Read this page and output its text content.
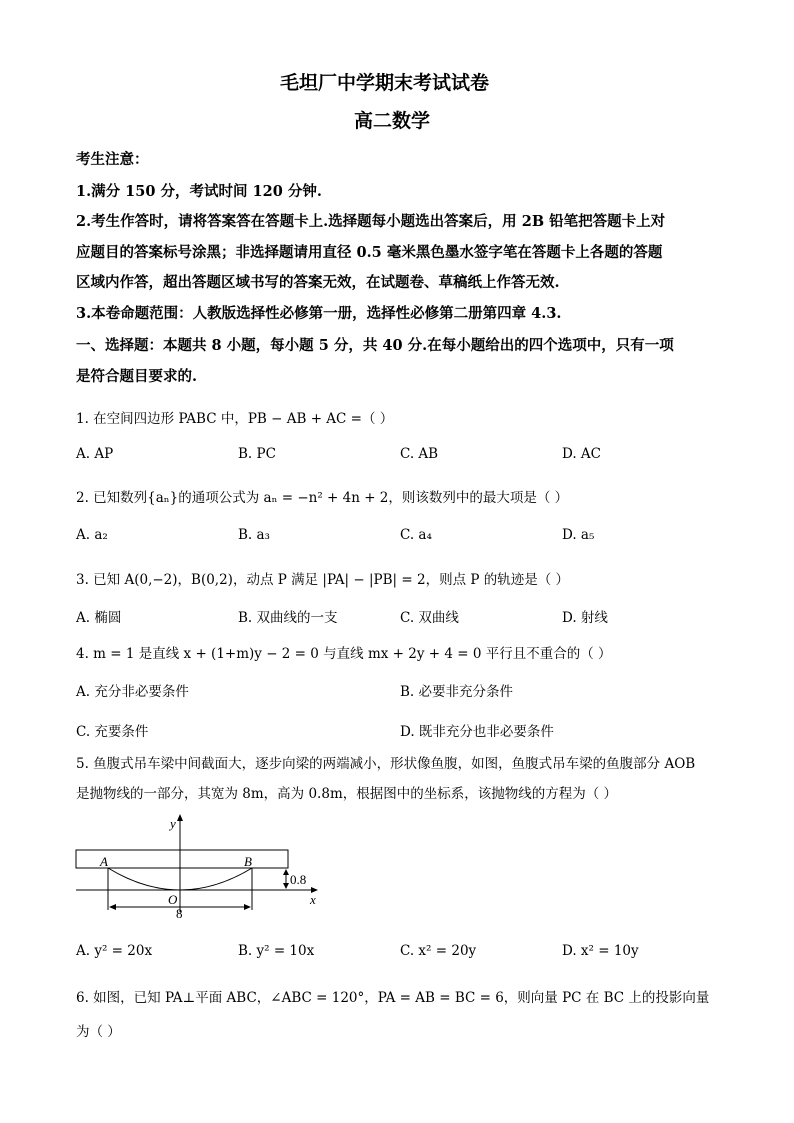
毛坦厂中学期末考试试卷
高二数学
考生注意：
1.满分 150 分，考试时间 120 分钟.
2.考生作答时，请将答案答在答题卡上.选择题每小题选出答案后，用 2B 铅笔把答题卡上对
应题目的答案标号涂黑；非选择题请用直径 0.5 毫米黑色墨水签字笔在答题卡上各题的答题
区域内作答，超出答题区域书写的答案无效，在试题卷、草稿纸上作答无效.
3.本卷命题范围：人教版选择性必修第一册，选择性必修第二册第四章 4.3.
一、选择题：本题共 8 小题，每小题 5 分，共 40 分.在每小题给出的四个选项中，只有一项
是符合题目要求的.
1. 在空间四边形 PABC 中，PB − AB + AC =（ ）
A. AP	B. PC	C. AB	D. AC
2. 已知数列{aₙ}的通项公式为 aₙ = −n² + 4n + 2，则该数列中的最大项是（ ）
A. a₂	B. a₃	C. a₄	D. a₅
3. 已知 A(0,−2)，B(0,2)，动点 P 满足 |PA| − |PB| = 2，则点 P 的轨迹是（ ）
A. 椭圆	B. 双曲线的一支	C. 双曲线	D. 射线
4. m = 1 是直线 x + (1+m)y − 2 = 0 与直线 mx + 2y + 4 = 0 平行且不重合的（ ）
A. 充分非必要条件	B. 必要非充分条件
C. 充要条件	D. 既非充分也非必要条件
5. 鱼腹式吊车梁中间截面大，逐步向梁的两端减小，形状像鱼腹，如图，鱼腹式吊车梁的鱼腹部分 AOB
是抛物线的一部分，其宽为 8m，高为 0.8m，根据图中的坐标系，该抛物线的方程为（ ）
y
x
A	B
O
0.8
8
A. y² = 20x	B. y² = 10x	C. x² = 20y	D. x² = 10y
6. 如图，已知 PA⊥平面 ABC，∠ABC = 120°，PA = AB = BC = 6，则向量 PC 在 BC 上的投影向量
为（ ）
